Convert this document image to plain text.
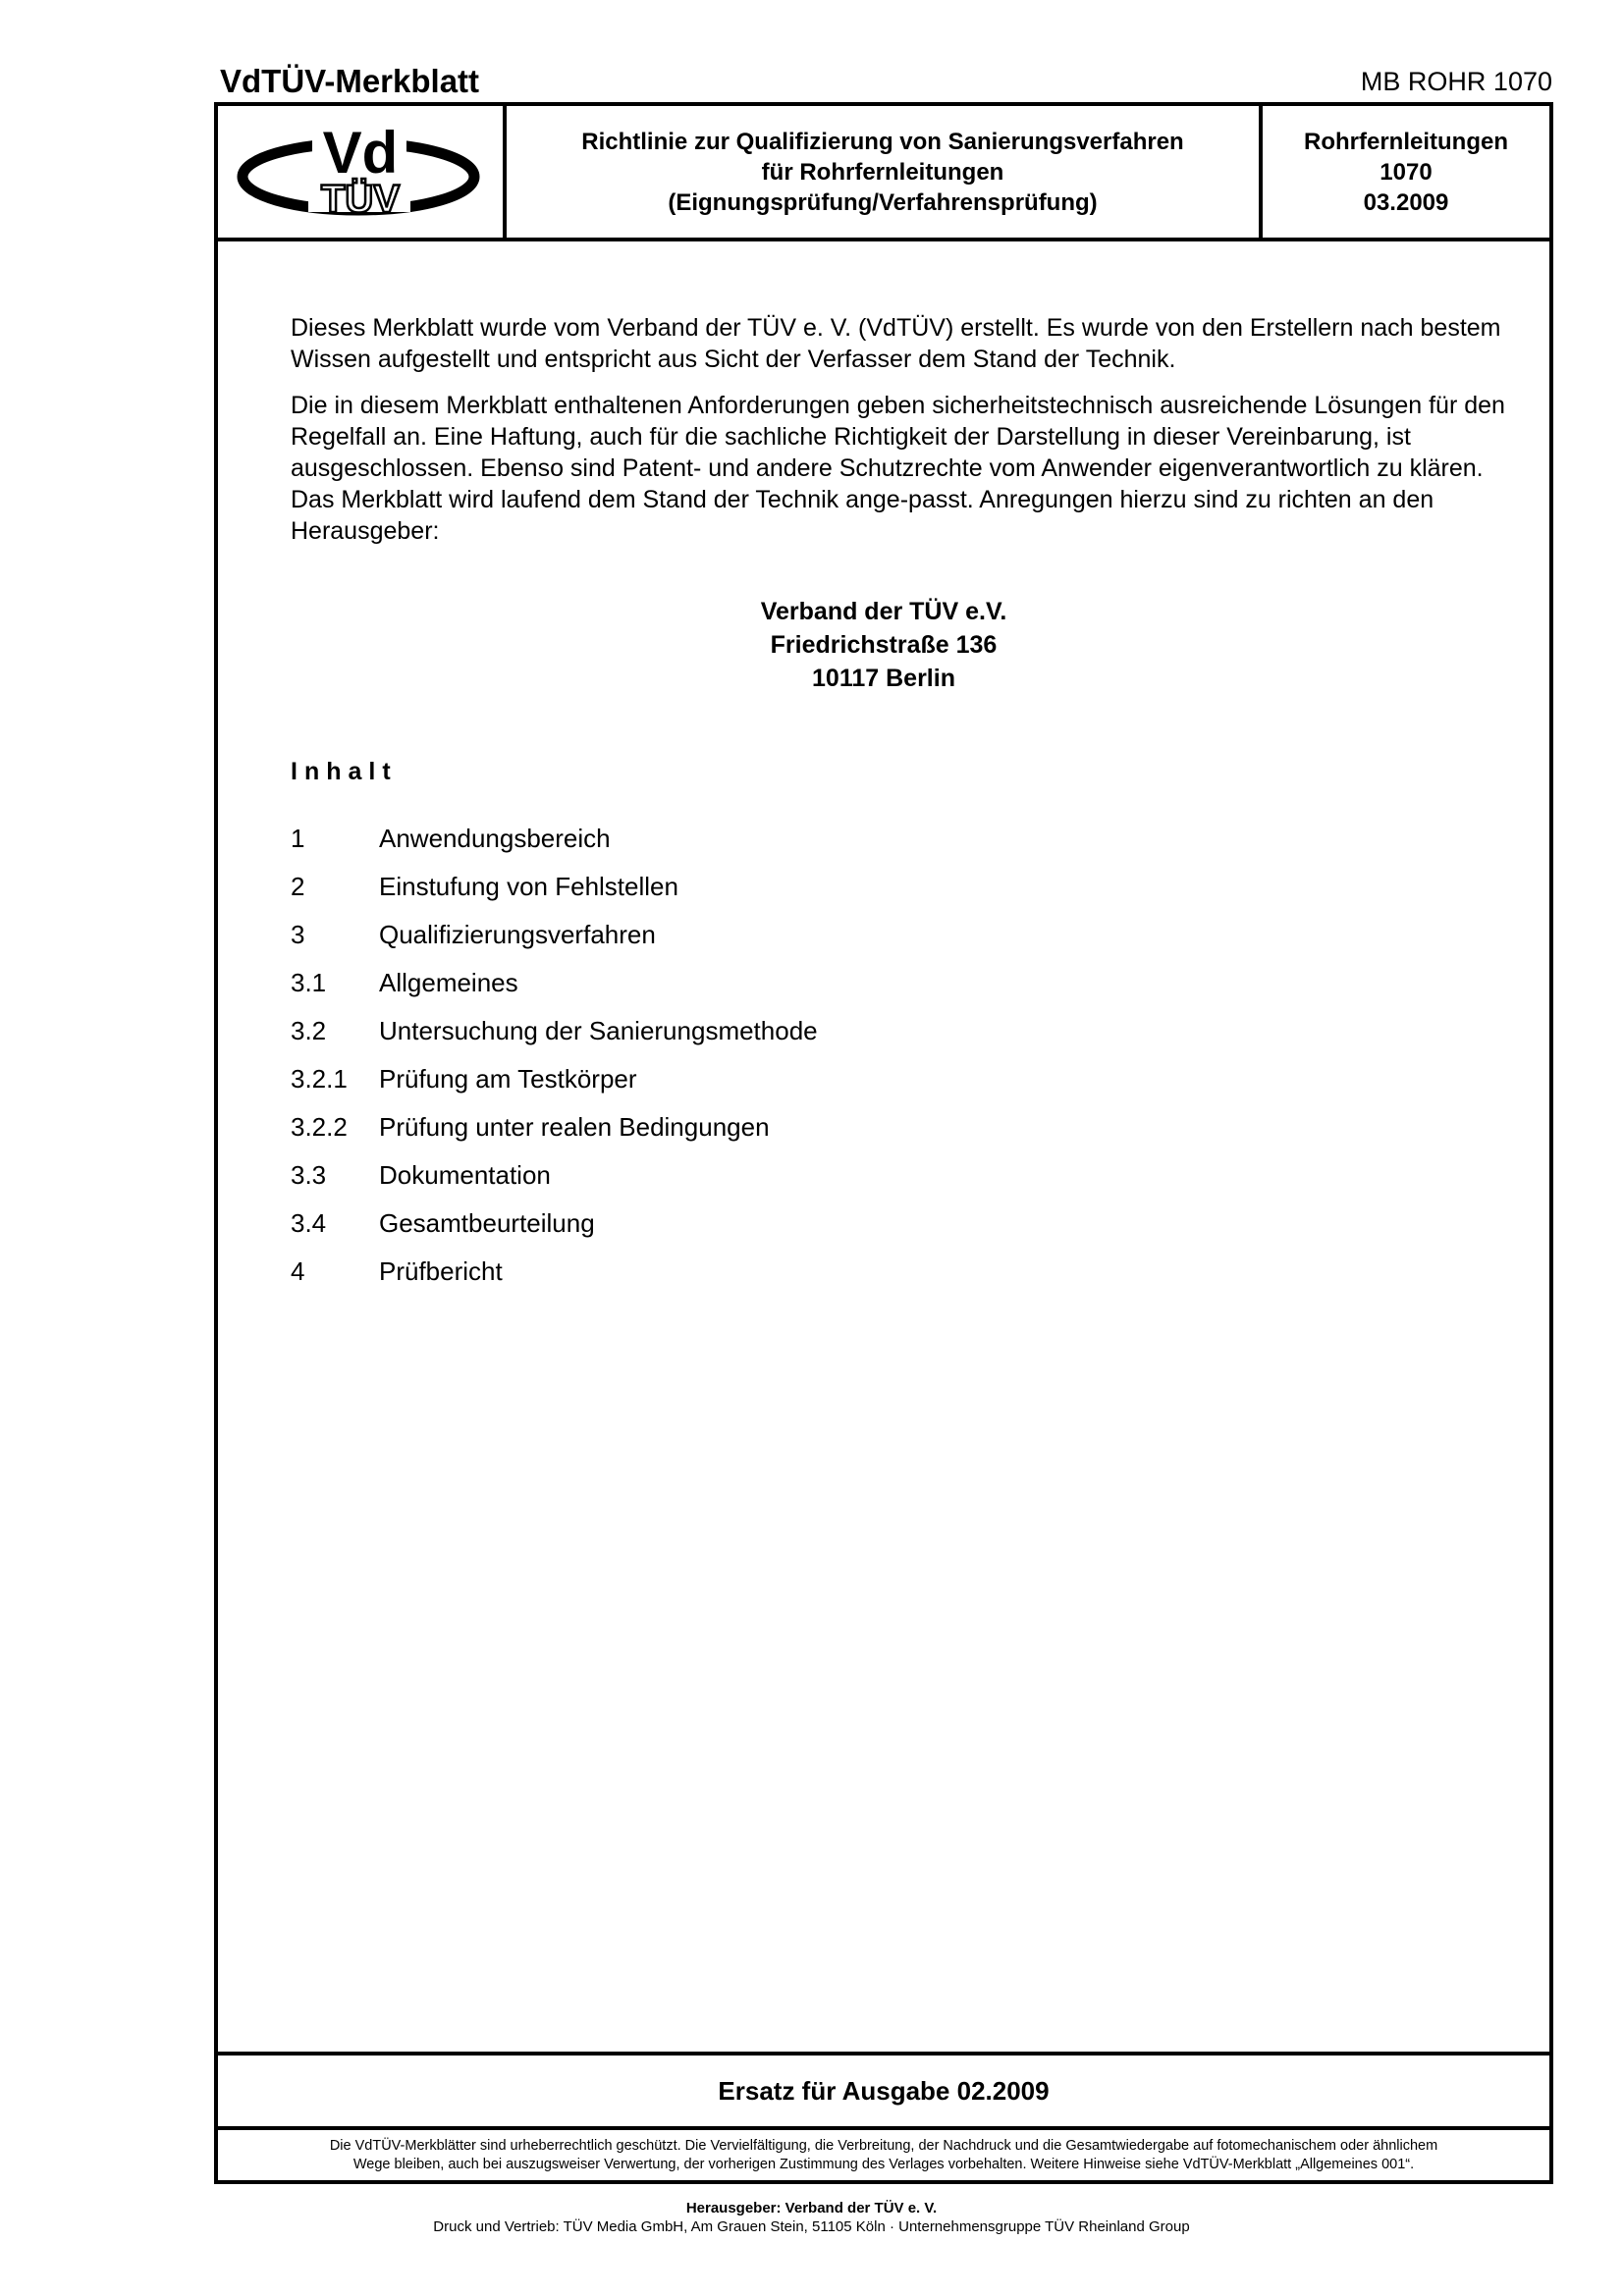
VdTÜV-Merkblatt	MB ROHR 1070
Vd
TÜV
Richtlinie zur Qualifizierung von Sanierungsverfahren
für Rohrfernleitungen
(Eignungsprüfung/Verfahrensprüfung)
Rohrfernleitungen
1070
03.2009
Dieses Merkblatt wurde vom Verband der TÜV e. V. (VdTÜV) erstellt. Es wurde von den Erstellern nach bestem Wissen aufgestellt und entspricht aus Sicht der Verfasser dem Stand der Technik.
Die in diesem Merkblatt enthaltenen Anforderungen geben sicherheitstechnisch ausreichende Lösungen für den Regelfall an. Eine Haftung, auch für die sachliche Richtigkeit der Darstellung in dieser Vereinbarung, ist ausgeschlossen. Ebenso sind Patent- und andere Schutzrechte vom Anwender eigenverantwortlich zu klären. Das Merkblatt wird laufend dem Stand der Technik ange-passt. Anregungen hierzu sind zu richten an den Herausgeber:
Verband der TÜV e.V.
Friedrichstraße 136
10117 Berlin
Inhalt
1	Anwendungsbereich
2	Einstufung von Fehlstellen
3	Qualifizierungsverfahren
3.1	Allgemeines
3.2	Untersuchung der Sanierungsmethode
3.2.1	Prüfung am Testkörper
3.2.2	Prüfung unter realen Bedingungen
3.3	Dokumentation
3.4	Gesamtbeurteilung
4	Prüfbericht
Ersatz für Ausgabe 02.2009
Die VdTÜV-Merkblätter sind urheberrechtlich geschützt. Die Vervielfältigung, die Verbreitung, der Nachdruck und die Gesamtwiedergabe auf fotomechanischem oder ähnlichem
Wege bleiben, auch bei auszugsweiser Verwertung, der vorherigen Zustimmung des Verlages vorbehalten. Weitere Hinweise siehe VdTÜV-Merkblatt „Allgemeines 001“.
Herausgeber: Verband der TÜV e. V.
Druck und Vertrieb: TÜV Media GmbH, Am Grauen Stein, 51105 Köln · Unternehmensgruppe TÜV Rheinland Group
